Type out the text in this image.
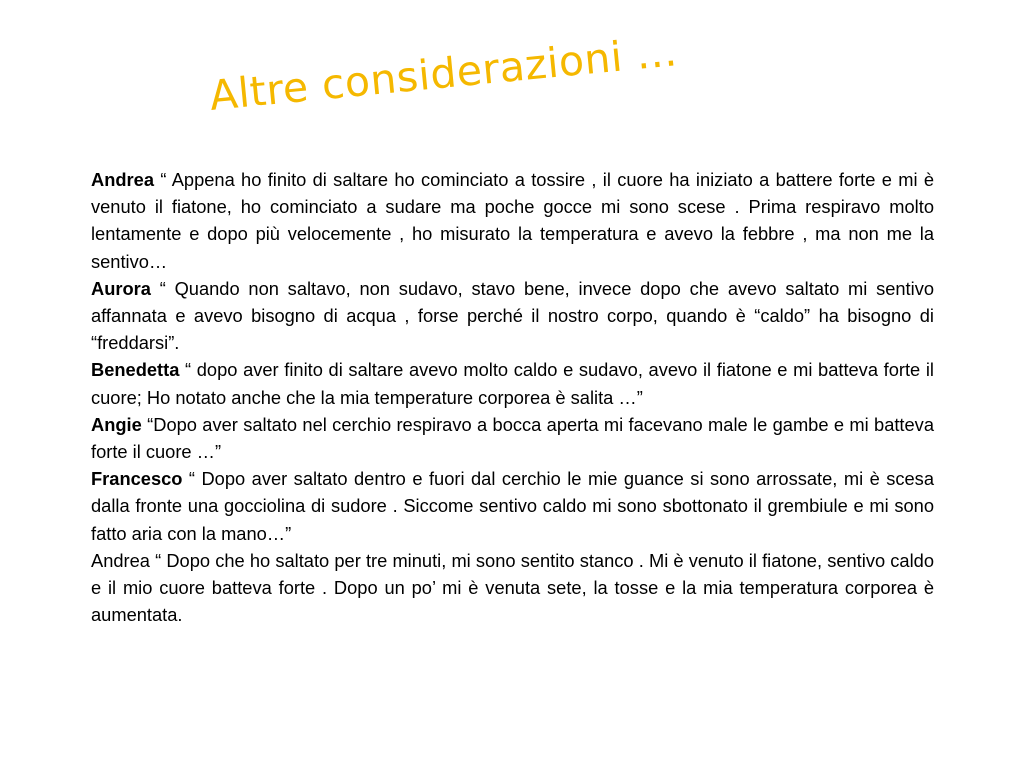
Altre considerazioni …

Andrea “ Appena ho finito di saltare ho cominciato a tossire , il cuore ha iniziato a battere forte e mi è venuto il fiatone, ho cominciato a sudare ma poche gocce mi sono scese . Prima respiravo molto lentamente e dopo più velocemente , ho misurato la temperatura e avevo la febbre , ma non me la sentivo…

Aurora “ Quando non saltavo, non sudavo, stavo bene, invece dopo che avevo saltato mi sentivo affannata e avevo bisogno di acqua , forse perché il nostro corpo, quando è “caldo” ha bisogno di “freddarsi”.

Benedetta “ dopo aver finito di saltare avevo molto caldo e sudavo, avevo il fiatone e mi batteva forte il cuore; Ho notato anche che la mia temperature corporea è salita …”

Angie “Dopo aver saltato nel cerchio respiravo a bocca aperta mi facevano male le gambe e mi batteva forte il cuore …”

Francesco “ Dopo aver saltato dentro e fuori dal cerchio le mie guance si sono arrossate, mi è scesa dalla fronte una gocciolina di sudore . Siccome sentivo caldo mi sono sbottonato il grembiule e mi sono fatto aria con la mano…”

Andrea “ Dopo che ho saltato per tre minuti, mi sono sentito stanco . Mi è venuto il fiatone, sentivo caldo e il mio cuore batteva forte . Dopo un po’ mi è venuta sete, la tosse e la mia temperatura corporea è aumentata.
